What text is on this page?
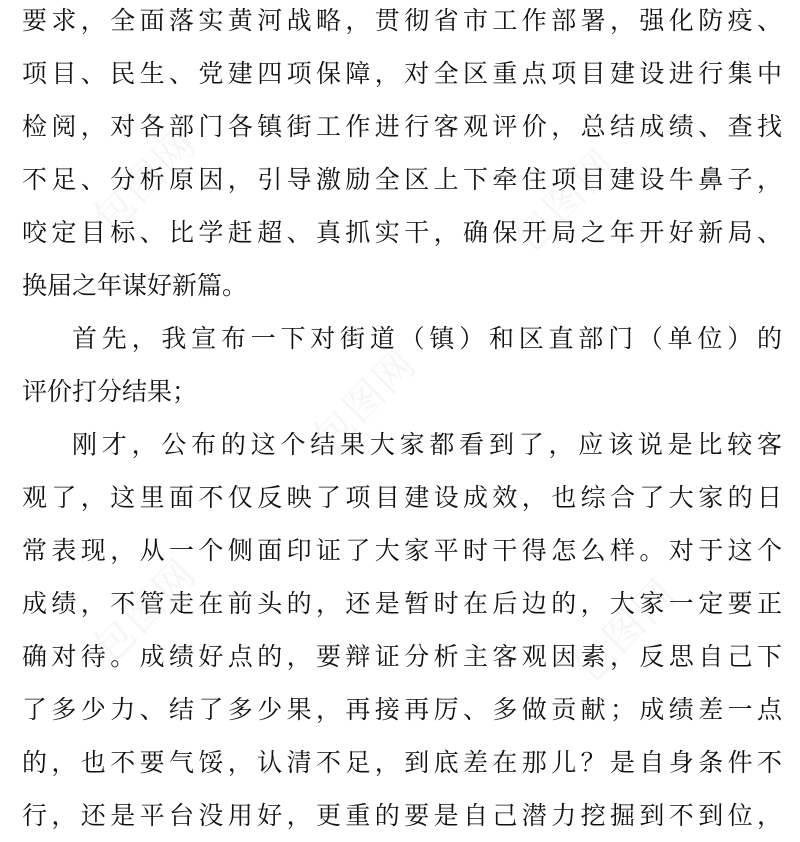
包图网	包图网
包图网
包图网	包图网
要求，全面落实黄河战略，贯彻省市工作部署，强化防疫、
项目、民生、党建四项保障，对全区重点项目建设进行集中
检阅，对各部门各镇街工作进行客观评价，总结成绩、查找
不足、分析原因，引导激励全区上下牵住项目建设牛鼻子，
咬定目标、比学赶超、真抓实干，确保开局之年开好新局、
换届之年谋好新篇。
首先，我宣布一下对街道（镇）和区直部门（单位）的
评价打分结果；
刚才，公布的这个结果大家都看到了，应该说是比较客
观了，这里面不仅反映了项目建设成效，也综合了大家的日
常表现，从一个侧面印证了大家平时干得怎么样。对于这个
成绩，不管走在前头的，还是暂时在后边的，大家一定要正
确对待。成绩好点的，要辩证分析主客观因素，反思自己下
了多少力、结了多少果，再接再厉、多做贡献；成绩差一点
的，也不要气馁，认清不足，到底差在那儿？是自身条件不
行，还是平台没用好，更重的要是自己潜力挖掘到不到位，
